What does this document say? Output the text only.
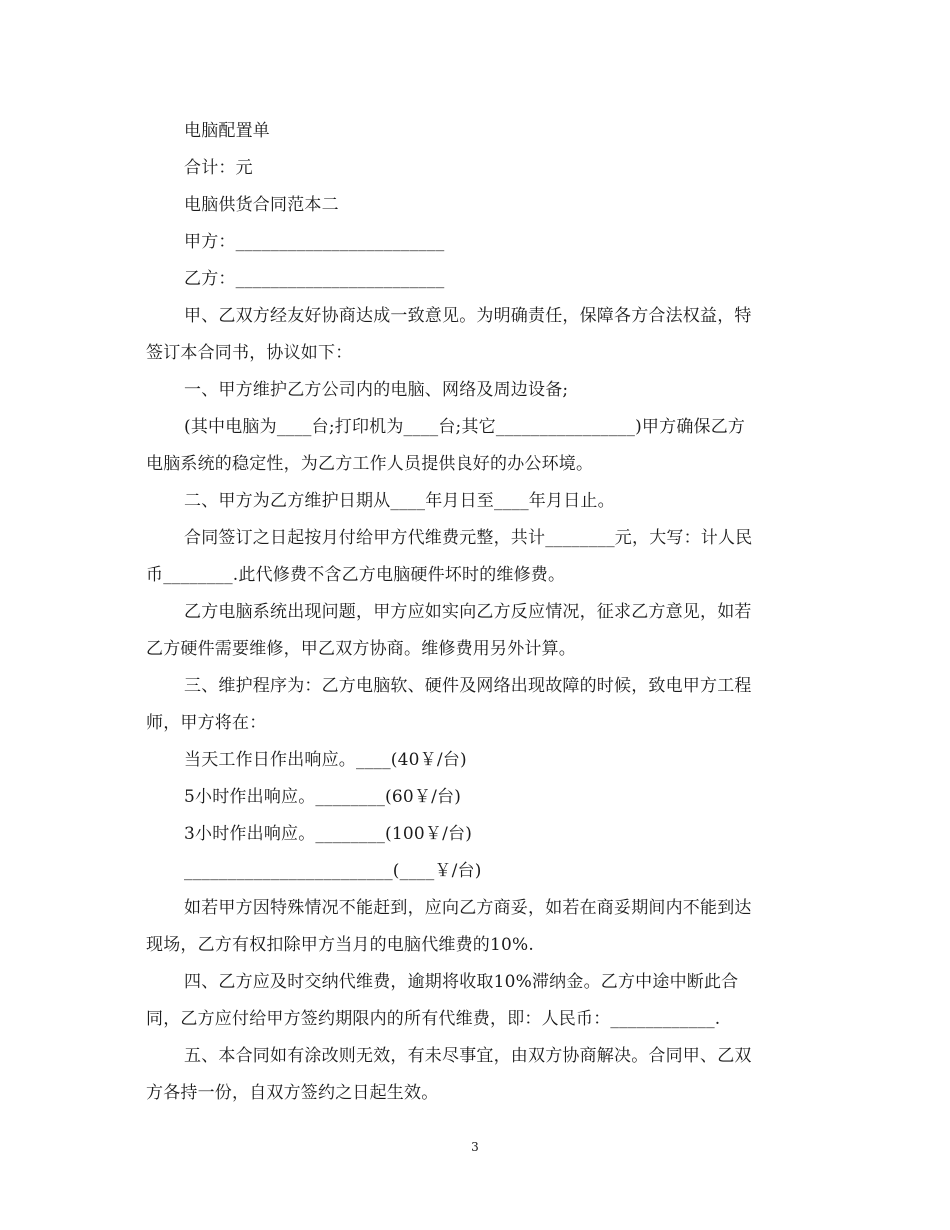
电脑配置单
合计：元
电脑供货合同范本二
甲方：________________________
乙方：________________________
甲、乙双方经友好协商达成一致意见。为明确责任，保障各方合法权益，特
签订本合同书，协议如下：
一、甲方维护乙方公司内的电脑、网络及周边设备;
(其中电脑为____台;打印机为____台;其它________________)甲方确保乙方
电脑系统的稳定性，为乙方工作人员提供良好的办公环境。
二、甲方为乙方维护日期从____年月日至____年月日止。
合同签订之日起按月付给甲方代维费元整，共计________元，大写：计人民
币________.此代修费不含乙方电脑硬件坏时的维修费。
乙方电脑系统出现问题，甲方应如实向乙方反应情况，征求乙方意见，如若
乙方硬件需要维修，甲乙双方协商。维修费用另外计算。
三、维护程序为：乙方电脑软、硬件及网络出现故障的时候，致电甲方工程
师，甲方将在：
当天工作日作出响应。____(40￥/台)
5小时作出响应。________(60￥/台)
3小时作出响应。________(100￥/台)
________________________(____￥/台)
如若甲方因特殊情况不能赶到，应向乙方商妥，如若在商妥期间内不能到达
现场，乙方有权扣除甲方当月的电脑代维费的10%.
四、乙方应及时交纳代维费，逾期将收取10%滞纳金。乙方中途中断此合
同，乙方应付给甲方签约期限内的所有代维费，即：人民币：____________.
五、本合同如有涂改则无效，有未尽事宜，由双方协商解决。合同甲、乙双
方各持一份，自双方签约之日起生效。
3
